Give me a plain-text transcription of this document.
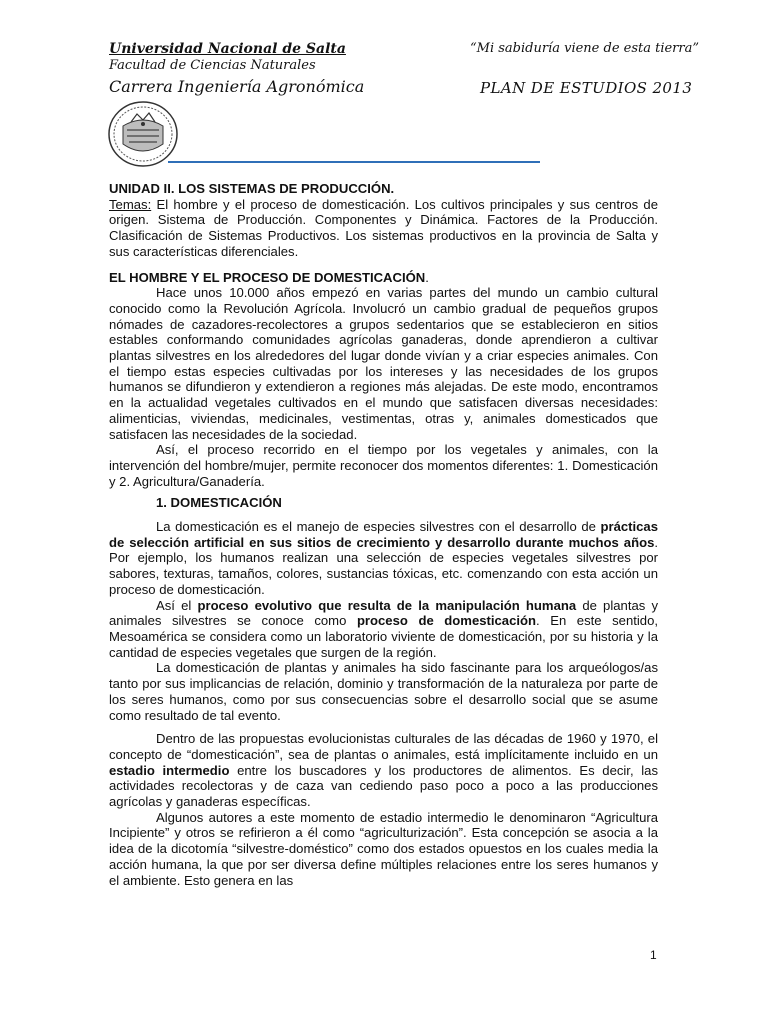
Universidad Nacional de Salta
Facultad de Ciencias Naturales
Carrera Ingeniería Agronómica
“Mi sabiduría viene de esta tierra”
PLAN DE ESTUDIOS 2013

UNIDAD II. LOS SISTEMAS DE PRODUCCIÓN.

Temas: El hombre y el proceso de domesticación. Los cultivos principales y sus centros de origen. Sistema de Producción. Componentes y Dinámica. Factores de la Producción. Clasificación de Sistemas Productivos. Los sistemas productivos en la provincia de Salta y sus características diferenciales.

EL HOMBRE Y EL PROCESO DE DOMESTICACIÓN.

Hace unos 10.000 años empezó en varias partes del mundo un cambio cultural conocido como la Revolución Agrícola. Involucró un cambio gradual de pequeños grupos nómades de cazadores-recolectores a grupos sedentarios que se establecieron en sitios estables conformando comunidades agrícolas ganaderas, donde aprendieron a cultivar plantas silvestres en los alrededores del lugar donde vivían y a criar especies animales. Con el tiempo estas especies cultivadas por los intereses y las necesidades de los grupos humanos se difundieron y extendieron a regiones más alejadas. De este modo, encontramos en la actualidad vegetales cultivados en el mundo que satisfacen diversas necesidades: alimenticias, viviendas, medicinales, vestimentas, otras y, animales domesticados que satisfacen las necesidades de la sociedad.

Así, el proceso recorrido en el tiempo por los vegetales y animales, con la intervención del hombre/mujer, permite reconocer dos momentos diferentes: 1. Domesticación y 2. Agricultura/Ganadería.

1. DOMESTICACIÓN

La domesticación es el manejo de especies silvestres con el desarrollo de prácticas de selección artificial en sus sitios de crecimiento y desarrollo durante muchos años. Por ejemplo, los humanos realizan una selección de especies vegetales silvestres por sabores, texturas, tamaños, colores, sustancias tóxicas, etc. comenzando con esta acción un proceso de domesticación.

Así el proceso evolutivo que resulta de la manipulación humana de plantas y animales silvestres se conoce como proceso de domesticación. En este sentido, Mesoamérica se considera como un laboratorio viviente de domesticación, por su historia y la cantidad de especies vegetales que surgen de la región.

La domesticación de plantas y animales ha sido fascinante para los arqueólogos/as tanto por sus implicancias de relación, dominio y transformación de la naturaleza por parte de los seres humanos, como por sus consecuencias sobre el desarrollo social que se asume como resultado de tal evento.

Dentro de las propuestas evolucionistas culturales de las décadas de 1960 y 1970, el concepto de “domesticación”, sea de plantas o animales, está implícitamente incluido en un estadio intermedio entre los buscadores y los productores de alimentos. Es decir, las actividades recolectoras y de caza van cediendo paso poco a poco a las producciones agrícolas y ganaderas específicas.

Algunos autores a este momento de estadio intermedio le denominaron “Agricultura Incipiente” y otros se refirieron a él como “agriculturización”. Esta concepción se asocia a la idea de la dicotomía “silvestre-doméstico” como dos estados opuestos en los cuales media la acción humana, la que por ser diversa define múltiples relaciones entre los seres humanos y el ambiente. Esto genera en las

1
